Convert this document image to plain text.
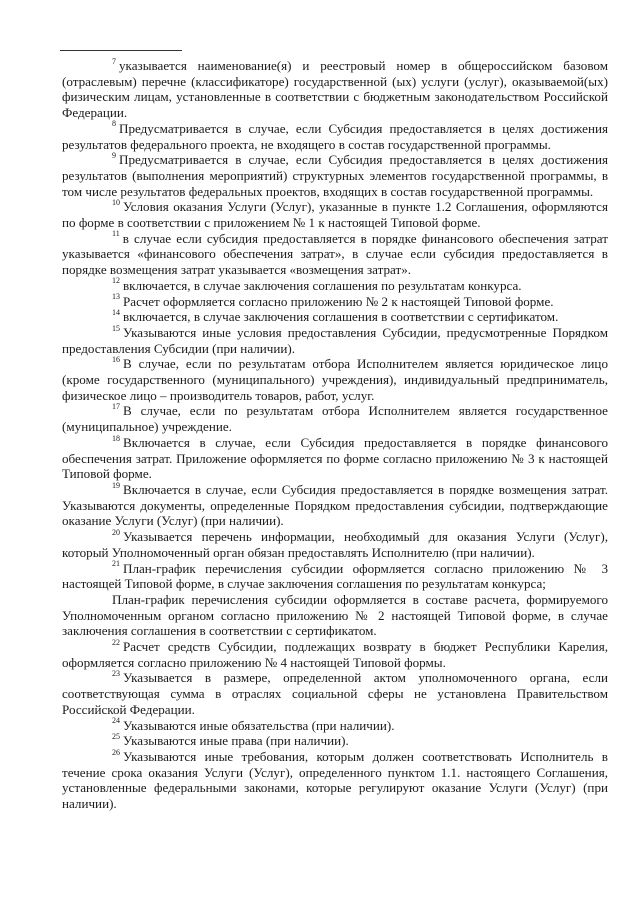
$^7$ указывается наименование(я) и реестровый номер в общероссийском базовом (отраслевым) перечне (классификаторе) государственной (ых) услуги (услуг), оказываемой(ых) физическим лицам, установленные в соответствии с бюджетным законодательством Российской Федерации.

$^8$ Предусматривается в случае, если Субсидия предоставляется в целях достижения результатов федерального проекта, не входящего в состав государственной программы.

$^9$ Предусматривается в случае, если Субсидия предоставляется в целях достижения результатов (выполнения мероприятий) структурных элементов государственной программы, в том числе результатов федеральных проектов, входящих в состав государственной программы.

$^{10}$ Условия оказания Услуги (Услуг), указанные в пункте 1.2 Соглашения, оформляются по форме в соответствии с приложением № 1 к настоящей Типовой форме.

$^{11}$ в случае если субсидия предоставляется в порядке финансового обеспечения затрат указывается «финансового обеспечения затрат», в случае если субсидия предоставляется в порядке возмещения затрат указывается «возмещения затрат».

$^{12}$ включается, в случае заключения соглашения по результатам конкурса.

$^{13}$ Расчет оформляется согласно приложению № 2 к настоящей Типовой форме.

$^{14}$ включается, в случае заключения соглашения в соответствии с сертификатом.

$^{15}$ Указываются иные условия предоставления Субсидии, предусмотренные Порядком предоставления Субсидии (при наличии).

$^{16}$ В случае, если по результатам отбора Исполнителем является юридическое лицо (кроме государственного (муниципального) учреждения), индивидуальный предприниматель, физическое лицо – производитель товаров, работ, услуг.

$^{17}$ В случае, если по результатам отбора Исполнителем является государственное (муниципальное) учреждение.

$^{18}$ Включается в случае, если Субсидия предоставляется в порядке финансового обеспечения затрат. Приложение оформляется по форме согласно приложению № 3 к настоящей Типовой форме.

$^{19}$ Включается в случае, если Субсидия предоставляется в порядке возмещения затрат. Указываются документы, определенные Порядком предоставления субсидии, подтверждающие оказание Услуги (Услуг) (при наличии).

$^{20}$ Указывается перечень информации, необходимый для оказания Услуги (Услуг), который Уполномоченный орган обязан предоставлять Исполнителю (при наличии).

$^{21}$ План-график перечисления субсидии оформляется согласно приложению № 3 настоящей Типовой форме, в случае заключения соглашения по результатам конкурса;

План-график перечисления субсидии оформляется в составе расчета, формируемого Уполномоченным органом согласно приложению № 2 настоящей Типовой форме, в случае заключения соглашения в соответствии с сертификатом.

$^{22}$ Расчет средств Субсидии, подлежащих возврату в бюджет Республики Карелия, оформляется согласно приложению № 4 настоящей Типовой формы.

$^{23}$ Указывается в размере, определенной актом уполномоченного органа, если соответствующая сумма в отраслях социальной сферы не установлена Правительством Российской Федерации.

$^{24}$ Указываются иные обязательства (при наличии).

$^{25}$ Указываются иные права (при наличии).

$^{26}$ Указываются иные требования, которым должен соответствовать Исполнитель в течение срока оказания Услуги (Услуг), определенного пунктом 1.1. настоящего Соглашения, установленные федеральными законами, которые регулируют оказание Услуги (Услуг) (при наличии).
